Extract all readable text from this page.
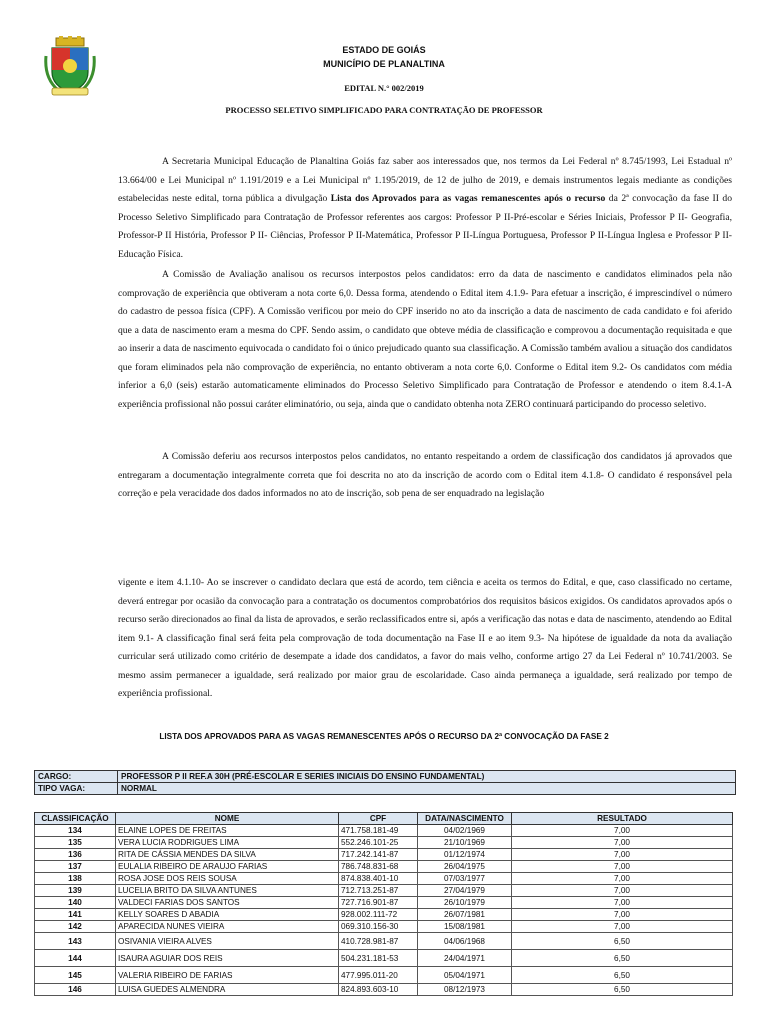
ESTADO DE GOIÁS
MUNICÍPIO DE PLANALTINA
EDITAL N.° 002/2019
PROCESSO SELETIVO SIMPLIFICADO PARA CONTRATAÇÃO DE PROFESSOR
A Secretaria Municipal Educação de Planaltina Goiás faz saber aos interessados que, nos termos da Lei Federal nº 8.745/1993, Lei Estadual nº 13.664/00 e Lei Municipal nº 1.191/2019 e a Lei Municipal nº 1.195/2019, de 12 de julho de 2019, e demais instrumentos legais mediante as condições estabelecidas neste edital, torna pública a divulgação Lista dos Aprovados para as vagas remanescentes após o recurso da 2ª convocação da fase II do Processo Seletivo Simplificado para Contratação de Professor referentes aos cargos: Professor P II-Pré-escolar e Séries Iniciais, Professor P II- Geografia, Professor-P II História, Professor P II- Ciências, Professor P II-Matemática, Professor P II-Língua Portuguesa, Professor P II-Língua Inglesa e Professor P II-Educação Física.
A Comissão de Avaliação analisou os recursos interpostos pelos candidatos: erro da data de nascimento e candidatos eliminados pela não comprovação de experiência que obtiveram a nota corte 6,0. Dessa forma, atendendo o Edital item 4.1.9- Para efetuar a inscrição, é imprescindível o número do cadastro de pessoa física (CPF). A Comissão verificou por meio do CPF inserido no ato da inscrição a data de nascimento de cada candidato e foi aferido que a data de nascimento eram a mesma do CPF. Sendo assim, o candidato que obteve média de classificação e comprovou a documentação requisitada e que ao inserir a data de nascimento equivocada o candidato foi o único prejudicado quanto sua classificação. A Comissão também avaliou a situação dos candidatos que foram eliminados pela não comprovação de experiência, no entanto obtiveram a nota corte 6,0. Conforme o Edital item 9.2- Os candidatos com média inferior a 6,0 (seis) estarão automaticamente eliminados do Processo Seletivo Simplificado para Contratação de Professor e atendendo o item 8.4.1-A experiência profissional não possui caráter eliminatório, ou seja, ainda que o candidato obtenha nota ZERO continuará participando do processo seletivo.
A Comissão deferiu aos recursos interpostos pelos candidatos, no entanto respeitando a ordem de classificação dos candidatos já aprovados que entregaram a documentação integralmente correta que foi descrita no ato da inscrição de acordo com o Edital item 4.1.8- O candidato é responsável pela correção e pela veracidade dos dados informados no ato de inscrição, sob pena de ser enquadrado na legislação
vigente e item 4.1.10- Ao se inscrever o candidato declara que está de acordo, tem ciência e aceita os termos do Edital, e que, caso classificado no certame, deverá entregar por ocasião da convocação para a contratação os documentos comprobatórios dos requisitos básicos exigidos. Os candidatos aprovados após o recurso serão direcionados ao final da lista de aprovados, e serão reclassificados entre si, após a verificação das notas e data de nascimento, atendendo ao Edital item 9.1- A classificação final será feita pela comprovação de toda documentação na Fase II e ao item 9.3- Na hipótese de igualdade da nota da avaliação curricular será utilizado como critério de desempate a idade dos candidatos, a favor do mais velho, conforme artigo 27 da Lei Federal nº 10.741/2003. Se mesmo assim permanecer a igualdade, será realizado por maior grau de escolaridade. Caso ainda permaneça a igualdade, será realizado por tempo de experiência profissional.
LISTA DOS APROVADOS PARA AS VAGAS REMANESCENTES APÓS O RECURSO DA 2ª CONVOCAÇÃO DA FASE 2
CARGO:	PROFESSOR P II REF.A 30H (PRÉ-ESCOLAR E SERIES INICIAIS DO ENSINO FUNDAMENTAL)
TIPO VAGA:	NORMAL
CLASSIFICAÇÃO	NOME	CPF	DATA/NASCIMENTO	RESULTADO
134	ELAINE LOPES DE FREITAS	471.758.181-49	04/02/1969	7,00
135	VERA LUCIA RODRIGUES LIMA	552.246.101-25	21/10/1969	7,00
136	RITA DE CÁSSIA MENDES DA SILVA	717.242.141-87	01/12/1974	7,00
137	EULALIA RIBEIRO DE ARAUJO FARIAS	786.748.831-68	26/04/1975	7,00
138	ROSA JOSE DOS REIS SOUSA	874.838.401-10	07/03/1977	7,00
139	LUCELIA BRITO DA SILVA ANTUNES	712.713.251-87	27/04/1979	7,00
140	VALDECI FARIAS DOS SANTOS	727.716.901-87	26/10/1979	7,00
141	KELLY SOARES D ABADIA	928.002.111-72	26/07/1981	7,00
142	APARECIDA NUNES VIEIRA	069.310.156-30	15/08/1981	7,00
143	OSIVANIA VIEIRA ALVES	410.728.981-87	04/06/1968	6,50
144	ISAURA AGUIAR DOS REIS	504.231.181-53	24/04/1971	6,50
145	VALERIA RIBEIRO DE FARIAS	477.995.011-20	05/04/1971	6,50
146	LUISA GUEDES ALMENDRA	824.893.603-10	08/12/1973	6,50
